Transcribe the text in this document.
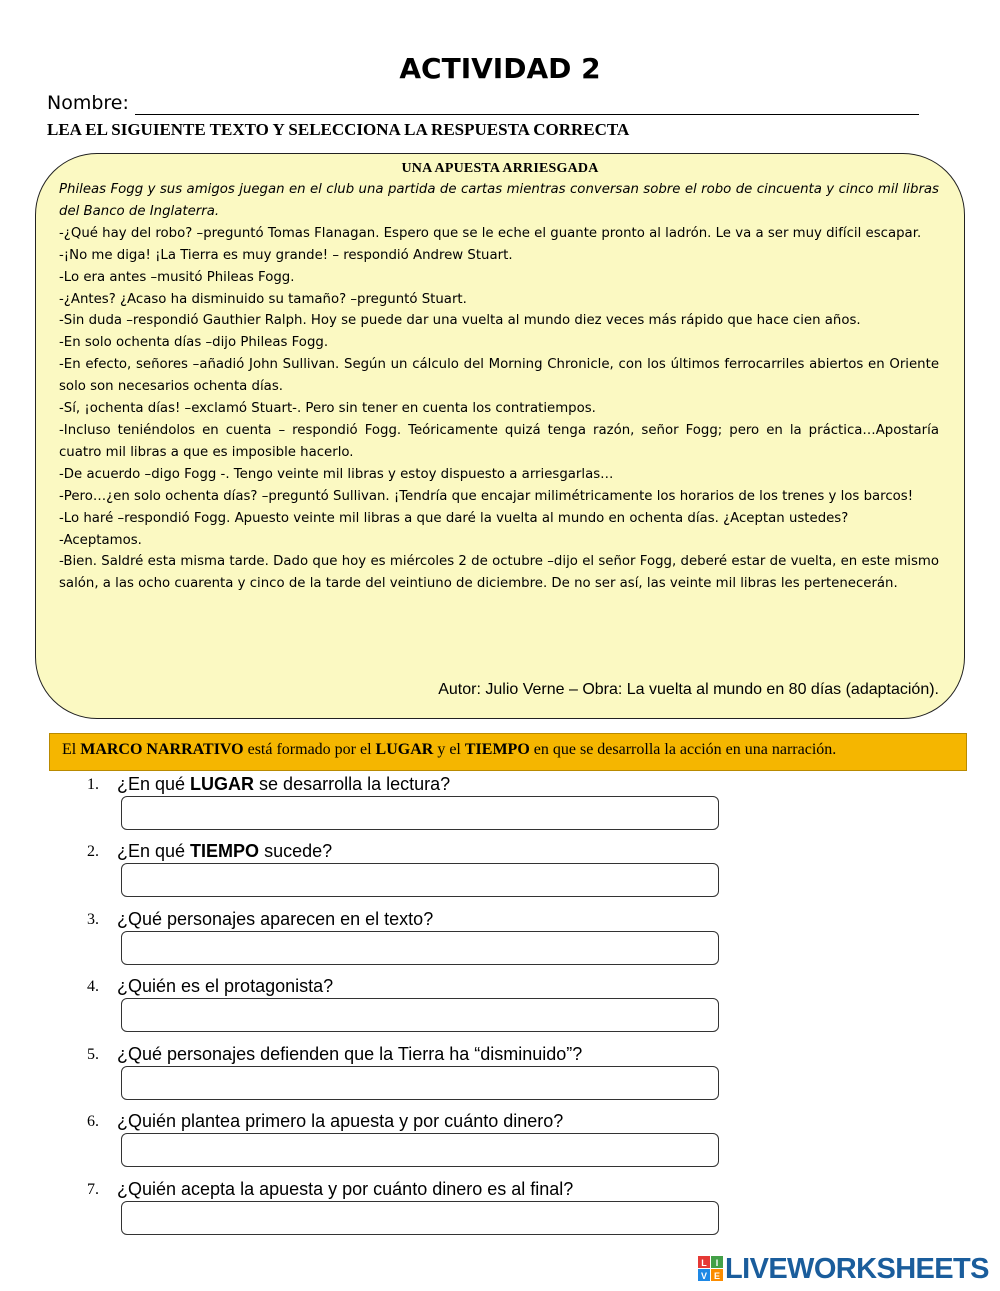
ACTIVIDAD 2
Nombre:
LEA EL SIGUIENTE TEXTO Y SELECCIONA LA RESPUESTA CORRECTA
UNA APUESTA ARRIESGADA

Phileas Fogg y sus amigos juegan en el club una partida de cartas mientras conversan sobre el robo de cincuenta y cinco mil libras del Banco de Inglaterra.

-¿Qué hay del robo? –preguntó Tomas Flanagan. Espero que se le eche el guante pronto al ladrón. Le va a ser muy difícil escapar.

-¡No me diga! ¡La Tierra es muy grande! – respondió Andrew Stuart.

-Lo era antes –musitó Phileas Fogg.

-¿Antes? ¿Acaso ha disminuido su tamaño? –preguntó Stuart.

-Sin duda –respondió Gauthier Ralph. Hoy se puede dar una vuelta al mundo diez veces más rápido que hace cien años.

-En solo ochenta días –dijo Phileas Fogg.

-En efecto, señores –añadió John Sullivan. Según un cálculo del Morning Chronicle, con los últimos ferrocarriles abiertos en Oriente solo son necesarios ochenta días.

-Sí, ¡ochenta días! –exclamó Stuart-. Pero sin tener en cuenta los contratiempos.

-Incluso teniéndolos en cuenta – respondió Fogg. Teóricamente quizá tenga razón, señor Fogg; pero en la práctica…Apostaría cuatro mil libras a que es imposible hacerlo.

-De acuerdo –digo Fogg -. Tengo veinte mil libras y estoy dispuesto a arriesgarlas…

-Pero…¿en solo ochenta días? –preguntó Sullivan. ¡Tendría que encajar milimétricamente los horarios de los trenes y los barcos!

-Lo haré –respondió Fogg. Apuesto veinte mil libras a que daré la vuelta al mundo en ochenta días. ¿Aceptan ustedes?

-Aceptamos.

-Bien. Saldré esta misma tarde. Dado que hoy es miércoles 2 de octubre –dijo el señor Fogg, deberé estar de vuelta, en este mismo salón, a las ocho cuarenta y cinco de la tarde del veintiuno de diciembre. De no ser así, las veinte mil libras les pertenecerán.

Autor: Julio Verne – Obra: La vuelta al mundo en 80 días (adaptación).
El MARCO NARRATIVO está formado por el LUGAR y el TIEMPO en que se desarrolla la acción en una narración.
1. ¿En qué LUGAR se desarrolla la lectura?
2. ¿En qué TIEMPO sucede?
3. ¿Qué personajes aparecen en el texto?
4. ¿Quién es el protagonista?
5. ¿Qué personajes defienden que la Tierra ha “disminuido”?
6. ¿Quién plantea primero la apuesta y por cuánto dinero?
7. ¿Quién acepta la apuesta y por cuánto dinero es al final?
L I
V E LIVEWORKSHEETS
